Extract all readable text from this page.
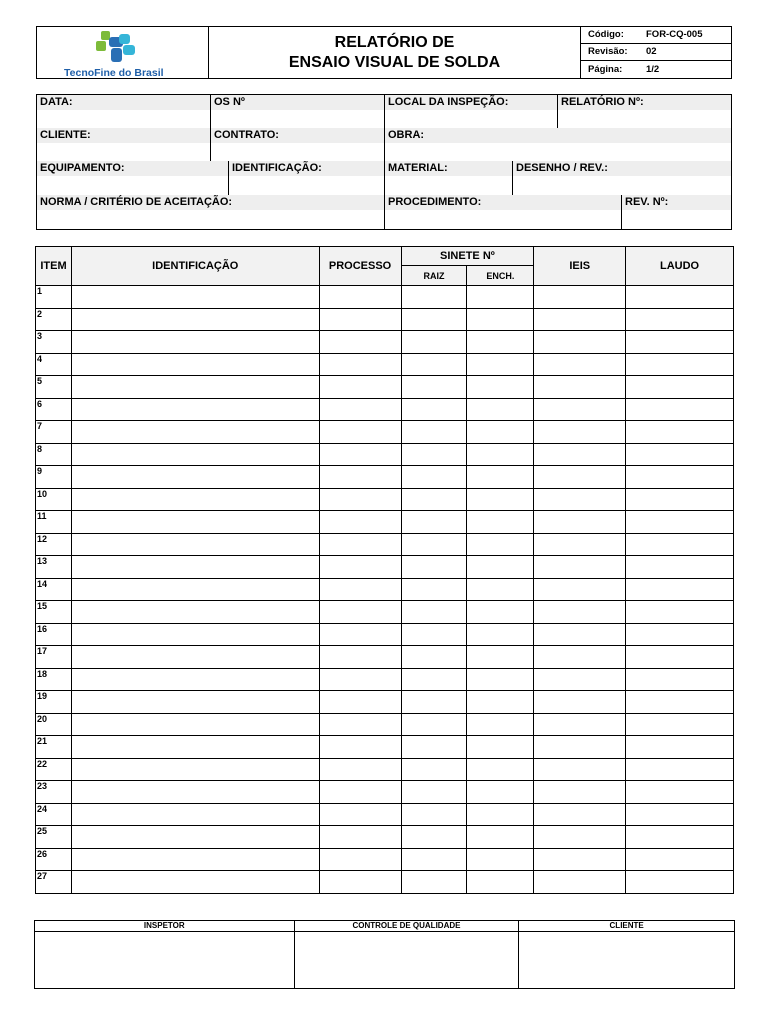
TecnoFine do Brasil
RELATÓRIO DE
ENSAIO VISUAL DE SOLDA
Código: FOR-CQ-005
Revisão: 02
Página: 1/2
DATA:	OS Nº	LOCAL DA INSPEÇÃO:	RELATÓRIO Nº:
CLIENTE:	CONTRATO:	OBRA:
EQUIPAMENTO:	IDENTIFICAÇÃO:	MATERIAL:	DESENHO / REV.:
NORMA / CRITÉRIO DE ACEITAÇÃO:	PROCEDIMENTO:	REV. Nº:
ITEM	IDENTIFICAÇÃO	PROCESSO	SINETE Nº		IEIS	LAUDO
			RAIZ	ENCH.		
1						
2						
3						
4						
5						
6						
7						
8						
9						
10						
11						
12						
13						
14						
15						
16						
17						
18						
19						
20						
21						
22						
23						
24						
25						
26						
27						
INSPETOR	CONTROLE DE QUALIDADE	CLIENTE
